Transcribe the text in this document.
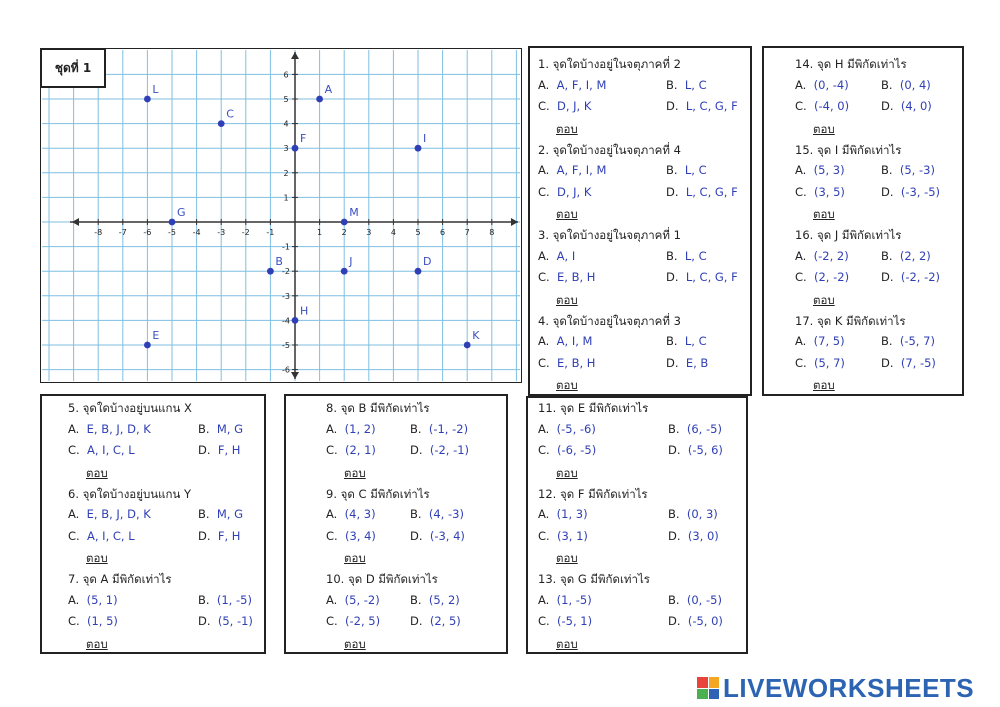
-8 -7 -6 -5 -4 -3 -2 -1	1 2 3 4 5 6 7 8
6
5
4
3
2
1
-1
-2
-3
-4
-5
-6
L	A
C
F	I
G	M
B	J	D
H
E	K
ชุดที่ 1	1. จุดใดบ้างอยู่ในจตุภาคที่ 2
A. A, F, I, M	B. L, C
C. D, J, K	D. L, C, G, F
ตอบ
2. จุดใดบ้างอยู่ในจตุภาคที่ 4
A. A, F, I, M	B. L, C
C. D, J, K	D. L, C, G, F
ตอบ
3. จุดใดบ้างอยู่ในจตุภาคที่ 1
A. A, I	B. L, C
C. E, B, H	D. L, C, G, F
ตอบ
4. จุดใดบ้างอยู่ในจตุภาคที่ 3
A. A, I, M	B. L, C
C. E, B, H	D. E, B
ตอบ
14. จุด H มีพิกัดเท่าไร
A. (0, -4)	B. (0, 4)
C. (-4, 0)	D. (4, 0)
ตอบ
15. จุด I มีพิกัดเท่าไร
A. (5, 3)	B. (5, -3)
C. (3, 5)	D. (-3, -5)
ตอบ
16. จุด J มีพิกัดเท่าไร
A. (-2, 2)	B. (2, 2)
C. (2, -2)	D. (-2, -2)
ตอบ
17. จุด K มีพิกัดเท่าไร
A. (7, 5)	B. (-5, 7)
C. (5, 7)	D. (7, -5)
ตอบ
5. จุดใดบ้างอยู่บนแกน X
A. E, B, J, D, K	B. M, G
C. A, I, C, L	D. F, H
ตอบ
6. จุดใดบ้างอยู่บนแกน Y
A. E, B, J, D, K	B. M, G
C. A, I, C, L	D. F, H
ตอบ
7. จุด A มีพิกัดเท่าไร
A. (5, 1)	B. (1, -5)
C. (1, 5)	D. (5, -1)
ตอบ
8. จุด B มีพิกัดเท่าไร
A. (1, 2)	B. (-1, -2)
C. (2, 1)	D. (-2, -1)
ตอบ
9. จุด C มีพิกัดเท่าไร
A. (4, 3)	B. (4, -3)
C. (3, 4)	D. (-3, 4)
ตอบ
10. จุด D มีพิกัดเท่าไร
A. (5, -2)	B. (5, 2)
C. (-2, 5)	D. (2, 5)
ตอบ
11. จุด E มีพิกัดเท่าไร
A. (-5, -6)	B. (6, -5)
C. (-6, -5)	D. (-5, 6)
ตอบ
12. จุด F มีพิกัดเท่าไร
A. (1, 3)	B. (0, 3)
C. (3, 1)	D. (3, 0)
ตอบ
13. จุด G มีพิกัดเท่าไร
A. (1, -5)	B. (0, -5)
C. (-5, 1)	D. (-5, 0)
ตอบ
LIVEWORKSHEETS
